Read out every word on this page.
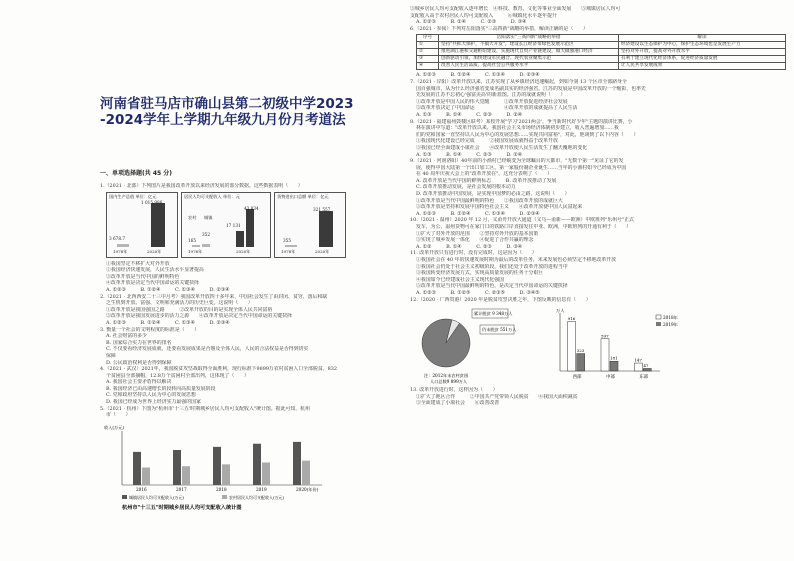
河南省驻马店市确山县第二初级中学2023
-2024学年上学期九年级九月份月考道法
一、单项选择题(共 45 分)
1.（2021 · 北部）下列图片是我国改革开放以来经济发展的部分数据。这些数据表明（　　）
国内生产总值 单位：亿元
3 678.7
1 015 986
1978年	2020年
居民人均可支配收入 单位：元
43 834
17 131
165
352
农村 城镇
1978年	2020年
货物进出口总额 单位：亿元
355
321 557
1978年	2020年
①我国坚定不移扩大对外开放
②我国经济快速发展，人民生活水平显著提高
③改革开放是当代中国的鲜明特色
④改革开放是决定当代中国命运的关键抉择
A. ①②③　　　B. ①②④　　　C. ①③④　　　D. ②③④
2.（2021 · 北西西安二十三中月考）我国改革开放四十多年来，中国社会发生了由封闭、贫穷、落后和缺
乏生机到开放、富强、文明和充满活力的历史巨变。这说明（　　）
①改革开放是我国强国之路　　　②改革开放的目的是实现全体人民共同富裕
③改革开放是我国发展进步的活力之源　　④改革开放是决定当代中国命运的关键抉择
A. ①②③　　　B. ①②④　　　C. ①③④　　　D. ②③④
3. 衡量一个社会的文明程度的标准是（　　）
A. 社会财富的多少
B. 国家综合实力在世界的排名
C. 不仅要看经济发展成就，还要看发展成果是否惠及全体人民，人民的合法权益是否得到切实
保障
D. 公民政治权利是否得到保障
4.（2021 · 武汉）2021年，我国脱贫攻坚战取得全面胜利，现行标准下9899万农村贫困人口全部脱贫，832
个贫困县全部摘帽，12.8万个贫困村全部出列，这体现了（　　）
A. 我国社会主要矛盾得以解决
B. 我国经济已由高速增长阶段转向高质量发展阶段
C. 党和政府坚持以人民为中心的发展思想
D. 我国已经成为世界上经济实力最强的国家
5.（2021 · 杭州）下图为"杭州市'十三五'时期城乡居民人均可支配收入"统计图。据此可知，杭州
市（　　）
收入(万元)
2016	2017	2018	2019	2020(年份)
城镇居民人均可支配收入(万元)	农村居民人均可支配收入(万元)
杭州市"十三五"时期城乡居民人均可支配收入统计图
③城乡居民人均可支配收入逐年增长　④科技、教育、文化等事业全面发展　　⑤城镇居民人均可
支配收入高于农村居民人均可支配收入　　　⑥城镇化水平逐年提升
A. ①②③　　　B. ①④　　　C. ②③　　　D. ③④
6.（2021 · 参阅）下列对岳阳落实"三高四新"战略的举措，解读正确的是（　　）
序号	岳阳落实"三高四新"战略的举措	解读
①	坚持"共抓大保护，不搞大开发"，建设长江经济带绿色发展示范区	经济建设以生态保护为中心，保护生态环境也是发展生产力
②	推进湖江港和交通枢纽建设，实施现代自贸产业链建设，做大做强港口经济	坚持对外开放，提高对外开放水平
③	创新驱动引领，加快建设军民融合、现代农业聚集示范	有利于建立现代化经济体系，促进经济质量发展
④	改善人民生活品质，提高社会公共服务水平	让人民共享发展成果
A. ①②③　　　B. ①②④　　　C. ①③④　　　D. ②③④
7.（2021 · 岸阳）改革开放以来，江苏实现了从乡镇经济迅速崛起，到如今第 13 个区市全部跻身全
国百强城市，从为什么经济强省变成名副其实的经济强省。江苏的发展是中国改革开放的一个缩影，也率先
先发展的江苏不忘初心'强富美高'的新蓝图。江苏的成就说明（　　）
①改革开放是中国人民的伟大觉醒　　　②改革开放促进经济社会发展
③改革开放决定了中国命运　　　　　　④改革开放的成就提高了人民生活
A. ①③　　　B. ①④　　　C. ②③　　　D. ②④
8.（2021 · 福建福州鼓楼区联考）某校开展"学习'2021两会'，争当新时代好少年"主题的演讲比赛，小
林在演讲中写道："改革开放以来，我国社会主义市场经济体制初步建立，收入普遍增加……我
们的党和国家一直坚持以人民为中心的发展思想……实现共同富裕"，对此，他谈到了以下内容（　　）
①我国现代化建设已经完成　　　②我国发展成就得益于改革开放
③我国已经全面建成小康社会　　④改革开放使人民生活发生了翻天覆地的变化
A. ①③　　　B. ①④　　　C. ②③　　　D. ②④
9.（2021 · 河南洛阳）40年前的小渔村已经蜕变为全球瞩目的大都市，"无数个第一"见证了它的发
展，使得中国大陆第一个出口加工区、第一家股份制企业诞生……当年的小渔村如今已经成为中国
在 40 周年庆祝大会上的"改革开放在"，这充分表明了（　　）
A. 改革开放是当代中国的鲜明标志　　　B. 改革开放推动了发展
C. 改革开放推动发展，是社会发展的根本动力
D. 改革开放推动中国发展，是实现中国梦的必由之路，这说明（　　）
①改革开放是当代中国最鲜明的特色　　②我国改革开放的成就巨大
③改革开放是坚持和发展中国特色社会主义　　④改革开放使中国人民富起来
A. ①②③　　　B. ①②④　　　C. ①③④　　　D. ②③④
10.（2021 · 温州）2020 年 12 月，义甬舟开放大通道（义乌—甬新——欧洲）中欧班列"乐州号"正式
发车，为公，温州货物可在家门口的铁路口岸直接发往中亚、欧洲，中欧班列的开通有利于（　　）
①扩大了对外开放的范围　　②坚持对外开放的基本国策
③实现了城乡发展一体化　　④促进了合作共赢的理念
A. ①②　　　B. ①④　　　C. ②③　　　D. ③④
11. 改革开放只有进行时，没有完成时，这是因为（　　）
①我国社会在 40 年的快速发展时期为最后的改革任务，未来发展也必须坚定不移地改革开放
②我国社会仍处于社会主义初级阶段，我们还处于改革开放的进程当中
③我国转变经济发展方式，实现高质量发展的任务十分艰巨
④我国如今已经建成社会主义现代化强国
⑤改革开放是当代中国最鲜明的特色，是决定当代中国命运的关键抉择
A. ①②③　　　B. ①②⑤　　　C. ②③⑤　　　D. ③④⑤
12.（2020 · 广西贵港）2020 年是脱贫攻坚决胜之年，下图反映的信息有（　　）
累计脱贫 9 348万人
仍未脱贫 551万人
注：2012年末农村贫困
人口总数9 899万人
万人
916
323
西部
597
181
中部
147
47
东部
2018年
2019年
13. 改革开放进行时，这样因为（　　）
①扩大了地区合作　　　②中国共产党带领人民脱贫　　④我国大面积减贫
③全面建成了小康社会　　⑥改善改善
